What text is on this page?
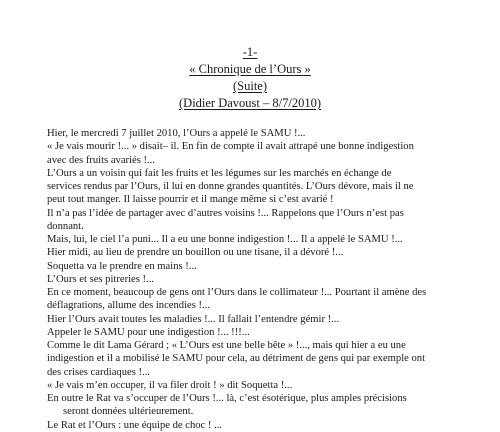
-1-
« Chronique de l’Ours »
(Suite)
(Didier Davoust – 8/7/2010)
Hier, le mercredi 7 juillet 2010, l’Ours a appelé le SAMU !...
« Je vais mourir !... » disait– il. En fin de compte il avait attrapé une bonne indigestion
avec des fruits avariés !...
L’Ours a un voisin qui fait les fruits et les légumes sur les marchés en échange de
services rendus par l’Ours, il lui en donne grandes quantités. L’Ours dévore, mais il ne
peut tout manger. Il laisse pourrir et il mange même si c’est avarié !
Il n’a pas l’idée de partager avec d’autres voisins !... Rappelons que l’Ours n’est pas
donnant.
Mais, lui, le ciel l’a puni... Il a eu une bonne indigestion !... Il a appelé le SAMU !...
Hier midi, au lieu de prendre un bouillon ou une tisane, il a dévoré !...
Soquetta va le prendre en mains !...
L’Ours et ses pitreries !...
En ce moment, beaucoup de gens ont l’Ours dans le collimateur !... Pourtant il amène des
déflagrations, allume des incendies !...
Hier l’Ours avait toutes les maladies !... Il fallait l’entendre gémir !...
Appeler le SAMU pour une indigestion !... !!!...
Comme le dit Lama Gérard ; « L’Ours est une belle bête » !..., mais qui hier a eu une
indigestion et il a mobilisé le SAMU pour cela, au détriment de gens qui par exemple ont
des crises cardiaques !...
« Je vais m’en occuper, il va filer droit ! » dit Soquetta !...
En outre le Rat va s’occuper de l’Ours !... là, c’est ésotérique, plus amples précisions
seront données ultérieurement.
Le Rat et l’Ours : une équipe de choc ! ...
